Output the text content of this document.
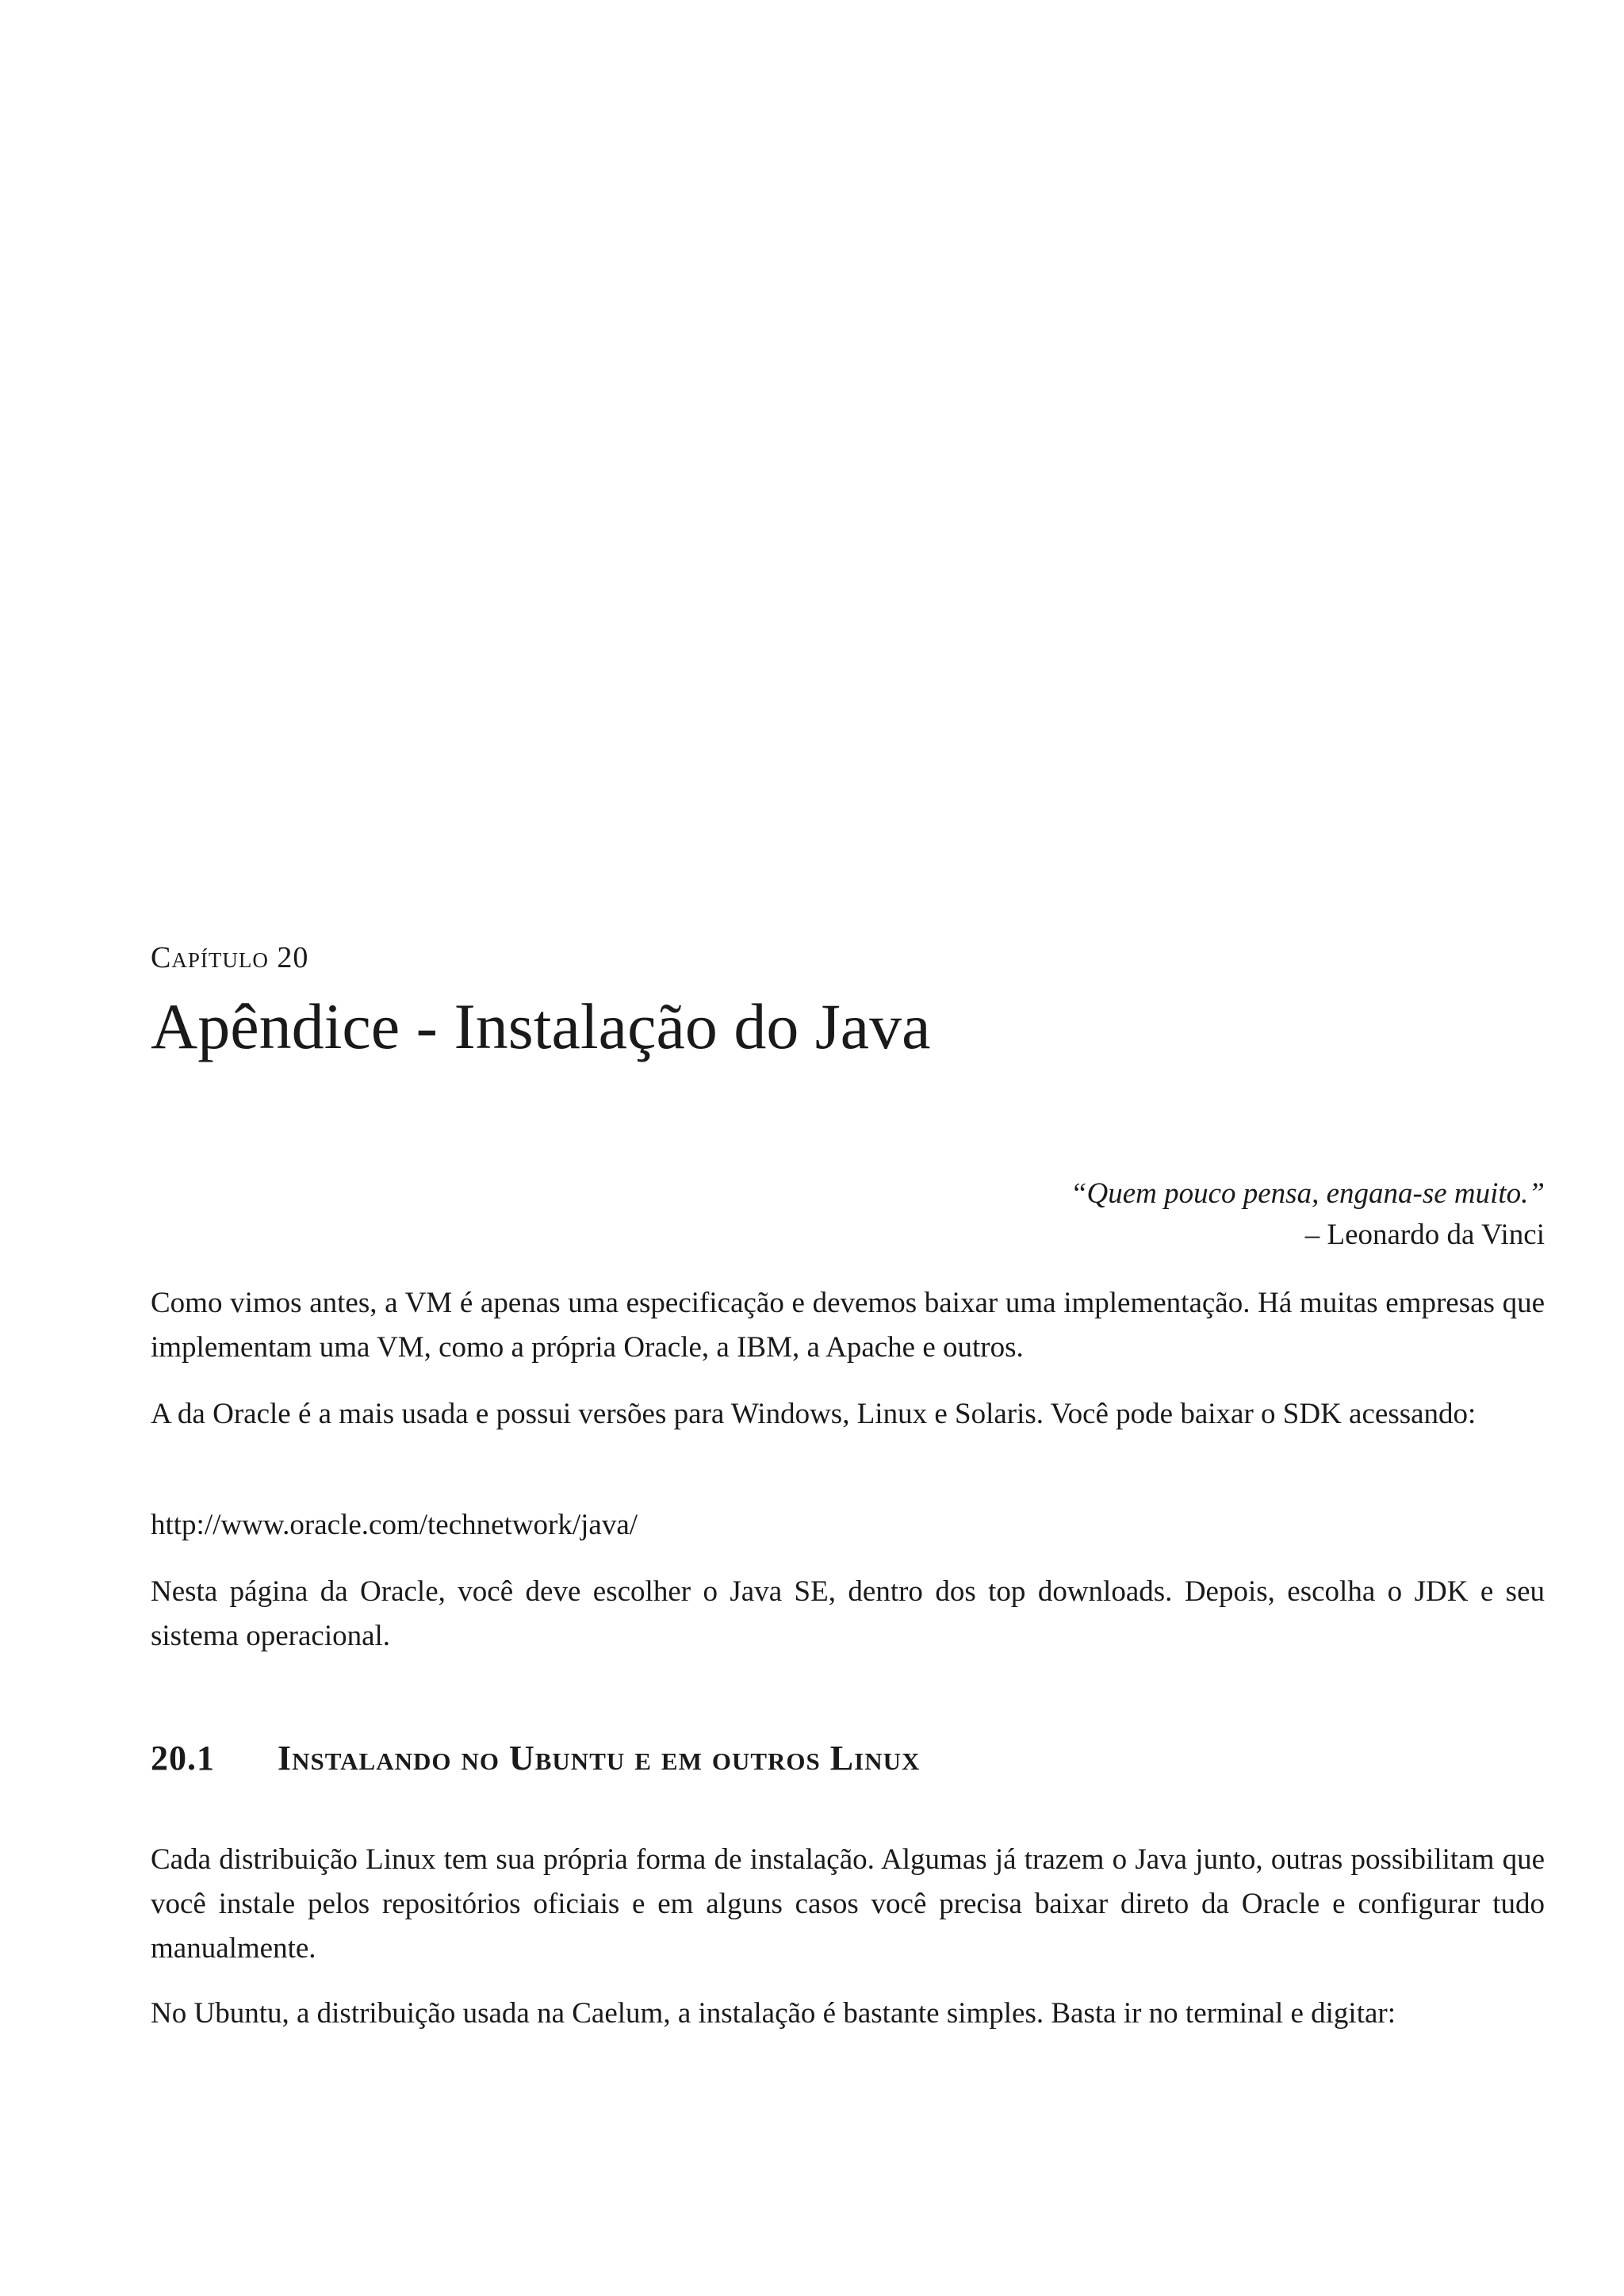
Capítulo 20
Apêndice - Instalação do Java
“Quem pouco pensa, engana-se muito.”
– Leonardo da Vinci

Como vimos antes, a VM é apenas uma especificação e devemos baixar uma implementação. Há muitas empresas que implementam uma VM, como a própria Oracle, a IBM, a Apache e outros.

A da Oracle é a mais usada e possui versões para Windows, Linux e Solaris. Você pode baixar o SDK acessando:

http://www.oracle.com/technetwork/java/

Nesta página da Oracle, você deve escolher o Java SE, dentro dos top downloads. Depois, escolha o JDK e seu sistema operacional.

20.1	Instalando no Ubuntu e em outros Linux

Cada distribuição Linux tem sua própria forma de instalação. Algumas já trazem o Java junto, outras possibilitam que você instale pelos repositórios oficiais e em alguns casos você precisa baixar direto da Oracle e configurar tudo manualmente.

No Ubuntu, a distribuição usada na Caelum, a instalação é bastante simples. Basta ir no terminal e digitar:
